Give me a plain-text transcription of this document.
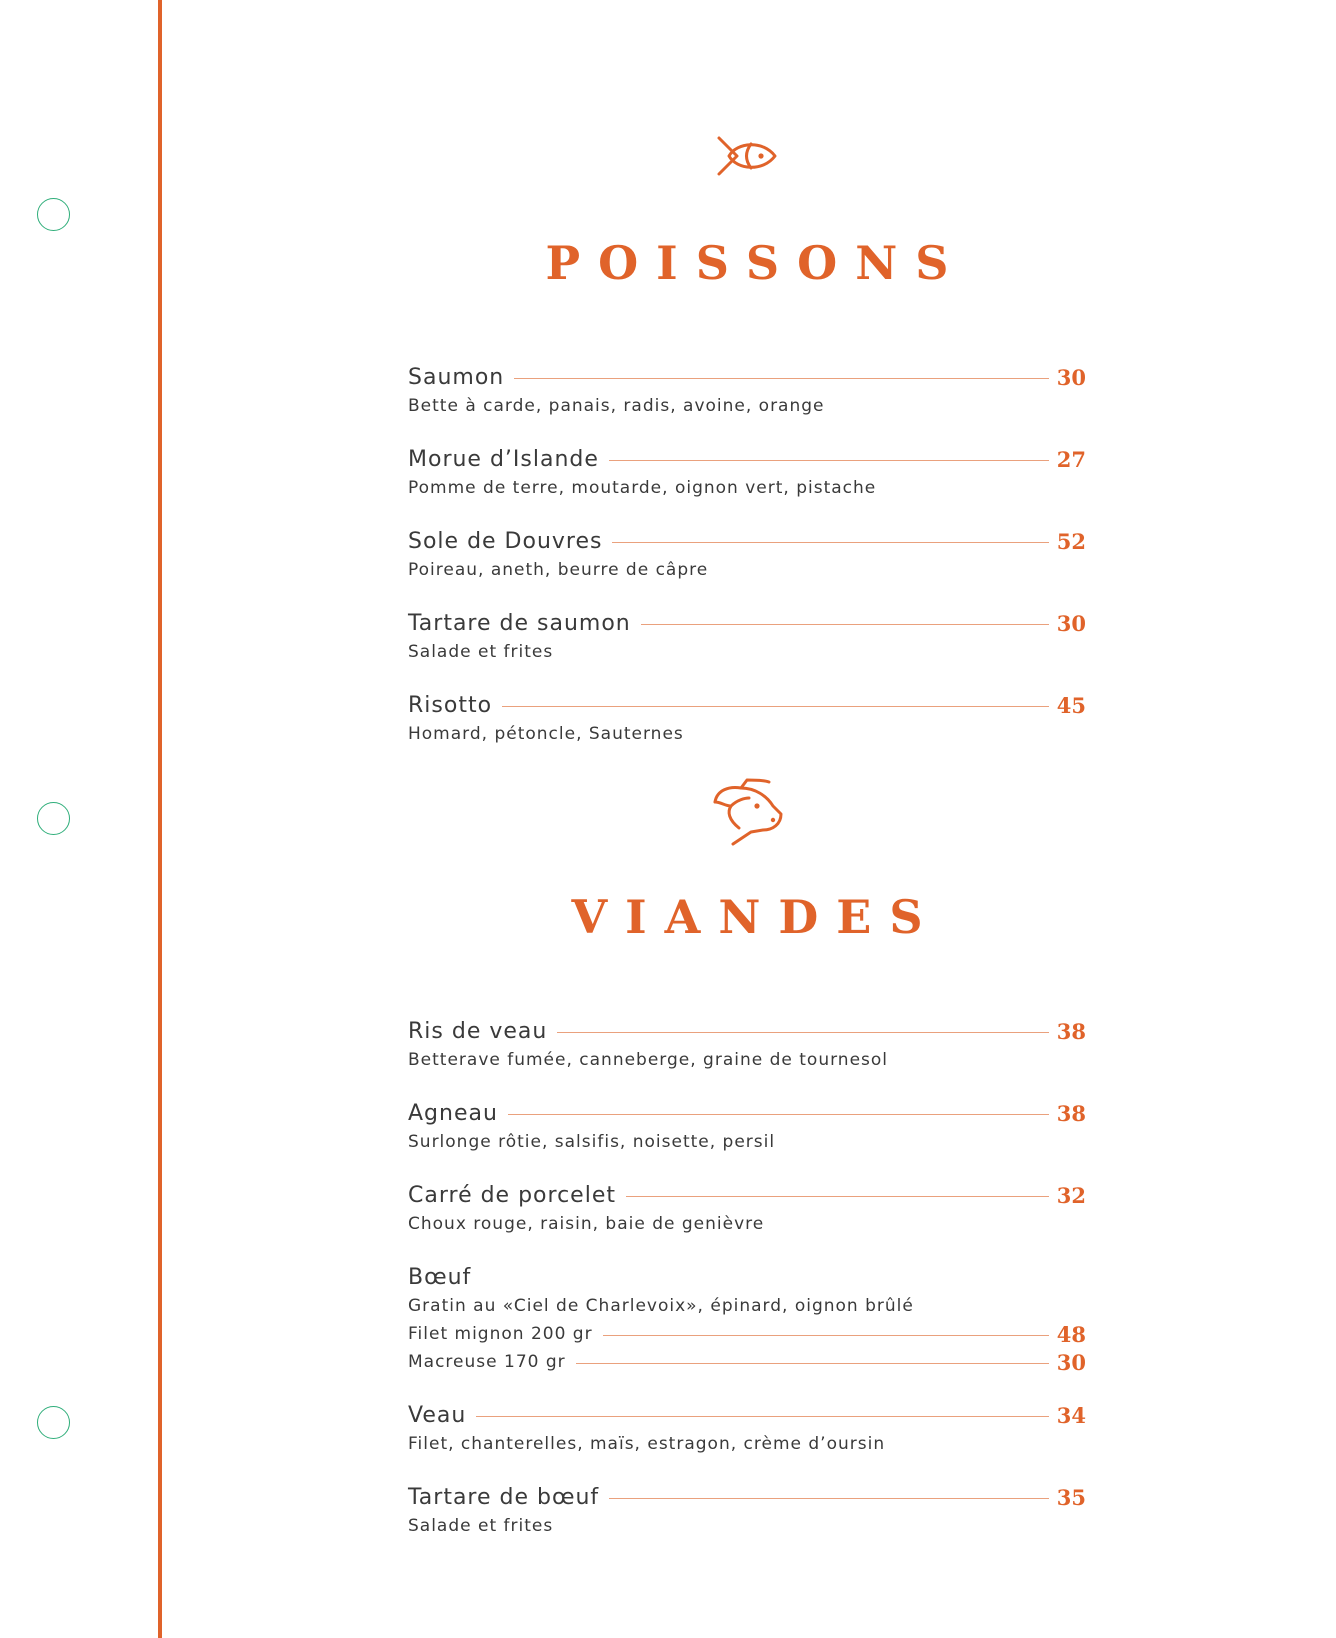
POISSONS
Saumon	30
Bette à carde, panais, radis, avoine, orange
Morue d’Islande	27
Pomme de terre, moutarde, oignon vert, pistache
Sole de Douvres	52
Poireau, aneth, beurre de câpre
Tartare de saumon	30
Salade et frites
Risotto	45
Homard, pétoncle, Sauternes
VIANDES
Ris de veau	38
Betterave fumée, canneberge, graine de tournesol
Agneau	38
Surlonge rôtie, salsifis, noisette, persil
Carré de porcelet	32
Choux rouge, raisin, baie de genièvre
Bœuf
Gratin au «Ciel de Charlevoix», épinard, oignon brûlé
Filet mignon 200 gr	48
Macreuse 170 gr	30
Veau	34
Filet, chanterelles, maïs, estragon, crème d’oursin
Tartare de bœuf	35
Salade et frites
